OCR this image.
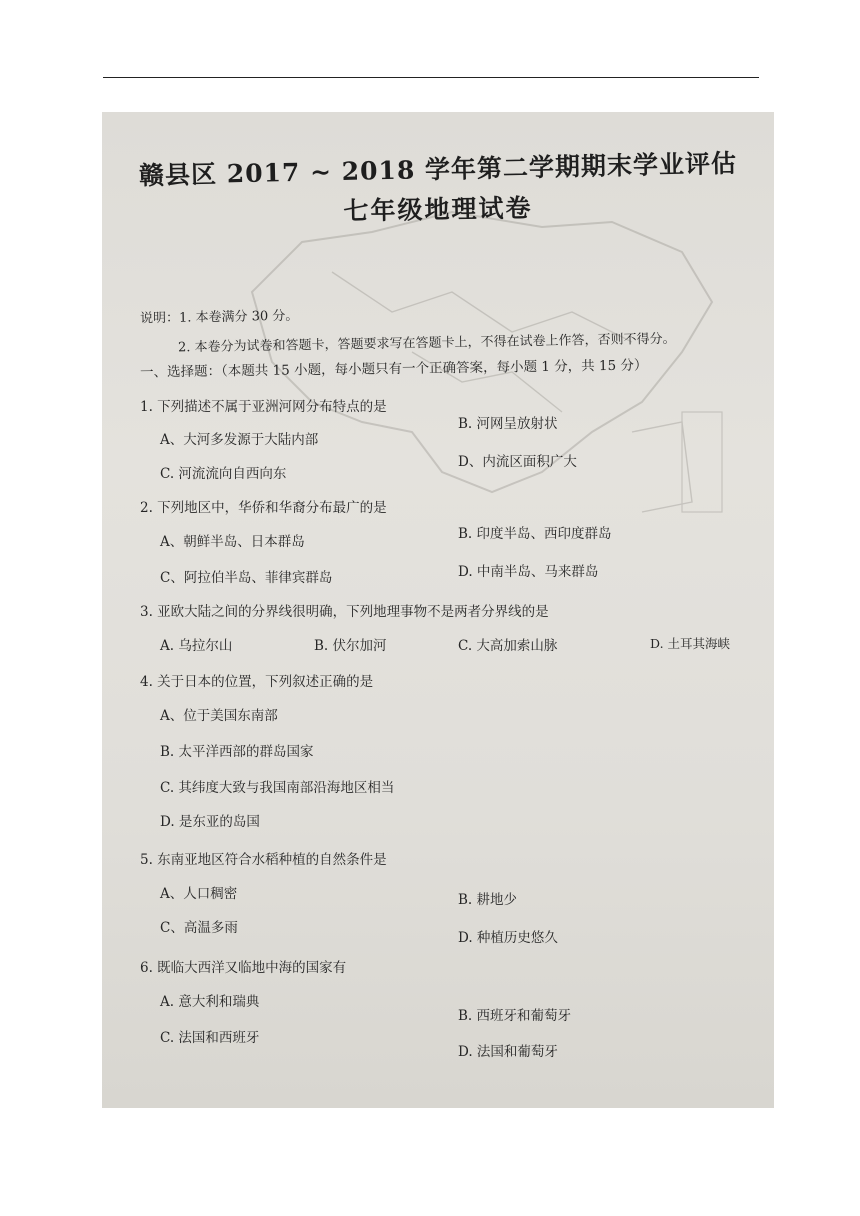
赣县区 2017 ~ 2018 学年第二学期期末学业评估
七年级地理试卷
说明：1. 本卷满分 30 分。
2. 本卷分为试卷和答题卡，答题要求写在答题卡上，不得在试卷上作答，否则不得分。
一、选择题：（本题共 15 小题，每小题只有一个正确答案，每小题 1 分，共 15 分）
1. 下列描述不属于亚洲河网分布特点的是
A、大河多发源于大陆内部
B. 河网呈放射状
C. 河流流向自西向东
D、内流区面积广大
2. 下列地区中，华侨和华裔分布最广的是
A、朝鲜半岛、日本群岛	B. 印度半岛、西印度群岛
C、阿拉伯半岛、菲律宾群岛	D. 中南半岛、马来群岛
3. 亚欧大陆之间的分界线很明确，下列地理事物不是两者分界线的是
A. 乌拉尔山	B. 伏尔加河	C. 大高加索山脉	D. 土耳其海峡
4. 关于日本的位置，下列叙述正确的是
A、位于美国东南部
B. 太平洋西部的群岛国家
C. 其纬度大致与我国南部沿海地区相当
D. 是东亚的岛国
5. 东南亚地区符合水稻种植的自然条件是
A、人口稠密	B. 耕地少
C、高温多雨
D. 种植历史悠久
6. 既临大西洋又临地中海的国家有
A. 意大利和瑞典
B. 西班牙和葡萄牙
C. 法国和西班牙
D. 法国和葡萄牙
